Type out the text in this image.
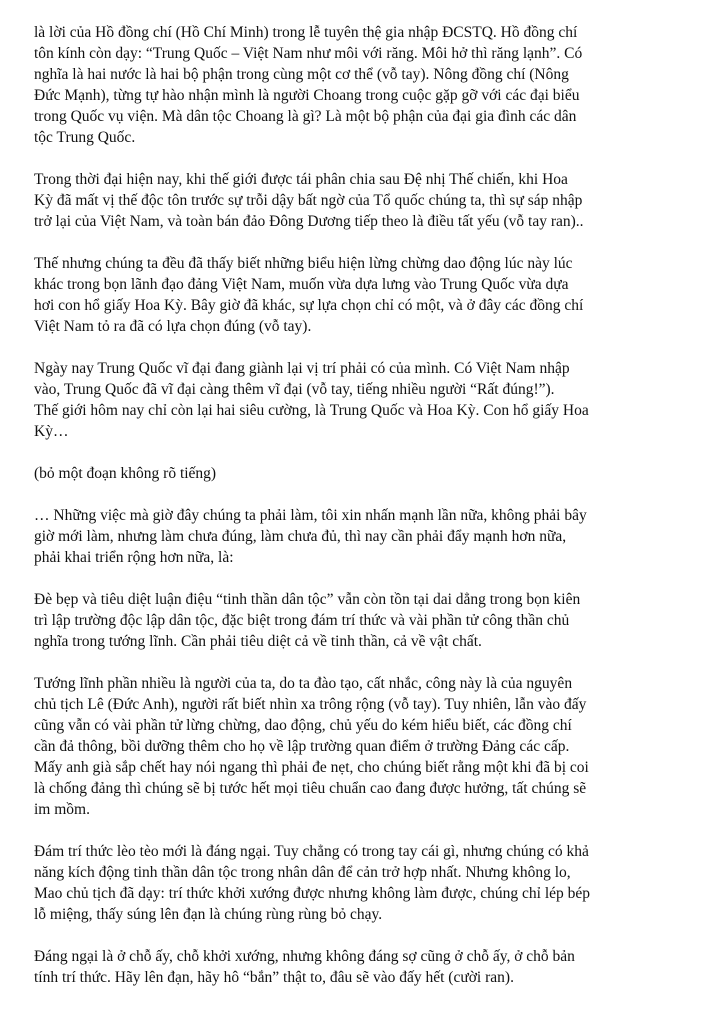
là lời của Hồ đồng chí (Hồ Chí Minh) trong lễ tuyên thệ gia nhập ĐCSTQ. Hồ đồng chí
tôn kính còn dạy: “Trung Quốc – Việt Nam như môi với răng. Môi hở thì răng lạnh”. Có
nghĩa là hai nước là hai bộ phận trong cùng một cơ thể (vỗ tay). Nông đồng chí (Nông
Đức Mạnh), từng tự hào nhận mình là người Choang trong cuộc gặp gỡ với các đại biểu
trong Quốc vụ viện. Mà dân tộc Choang là gì? Là một bộ phận của đại gia đình các dân
tộc Trung Quốc.

Trong thời đại hiện nay, khi thế giới được tái phân chia sau Đệ nhị Thế chiến, khi Hoa
Kỳ đã mất vị thế độc tôn trước sự trỗi dậy bất ngờ của Tổ quốc chúng ta, thì sự sáp nhập
trở lại của Việt Nam, và toàn bán đảo Đông Dương tiếp theo là điều tất yếu (vỗ tay ran)..

Thế nhưng chúng ta đều đã thấy biết những biểu hiện lừng chừng dao động lúc này lúc
khác trong bọn lãnh đạo đảng Việt Nam, muốn vừa dựa lưng vào Trung Quốc vừa dựa
hơi con hổ giấy Hoa Kỳ. Bây giờ đã khác, sự lựa chọn chỉ có một, và ở đây các đồng chí
Việt Nam tỏ ra đã có lựa chọn đúng (vỗ tay).

Ngày nay Trung Quốc vĩ đại đang giành lại vị trí phải có của mình. Có Việt Nam nhập
vào, Trung Quốc đã vĩ đại càng thêm vĩ đại (vỗ tay, tiếng nhiều người “Rất đúng!”).
Thế giới hôm nay chỉ còn lại hai siêu cường, là Trung Quốc và Hoa Kỳ. Con hổ giấy Hoa
Kỳ…

(bỏ một đoạn không rõ tiếng)

… Những việc mà giờ đây chúng ta phải làm, tôi xin nhấn mạnh lần nữa, không phải bây
giờ mới làm, nhưng làm chưa đúng, làm chưa đủ, thì nay cần phải đẩy mạnh hơn nữa,
phải khai triển rộng hơn nữa, là:

Đè bẹp và tiêu diệt luận điệu “tinh thần dân tộc” vẫn còn tồn tại dai dẳng trong bọn kiên
trì lập trường độc lập dân tộc, đặc biệt trong đám trí thức và vài phần tử công thần chủ
nghĩa trong tướng lĩnh. Cần phải tiêu diệt cả về tinh thần, cả về vật chất.

Tướng lĩnh phần nhiều là người của ta, do ta đào tạo, cất nhắc, công này là của nguyên
chủ tịch Lê (Đức Anh), người rất biết nhìn xa trông rộng (vỗ tay). Tuy nhiên, lẫn vào đấy
cũng vẫn có vài phần tử lừng chừng, dao động, chủ yếu do kém hiểu biết, các đồng chí
cần đả thông, bồi dưỡng thêm cho họ về lập trường quan điểm ở trường Đảng các cấp.
Mấy anh già sắp chết hay nói ngang thì phải đe nẹt, cho chúng biết rằng một khi đã bị coi
là chống đảng thì chúng sẽ bị tước hết mọi tiêu chuẩn cao đang được hưởng, tất chúng sẽ
im mồm.

Đám trí thức lèo tèo mới là đáng ngại. Tuy chẳng có trong tay cái gì, nhưng chúng có khả
năng kích động tinh thần dân tộc trong nhân dân để cản trở hợp nhất. Nhưng không lo,
Mao chủ tịch đã dạy: trí thức khởi xướng được nhưng không làm được, chúng chỉ lép bép
lỗ miệng, thấy súng lên đạn là chúng rùng rùng bỏ chạy.

Đáng ngại là ở chỗ ấy, chỗ khởi xướng, nhưng không đáng sợ cũng ở chỗ ấy, ở chỗ bản
tính trí thức. Hãy lên đạn, hãy hô “bắn” thật to, đâu sẽ vào đấy hết (cười ran).
